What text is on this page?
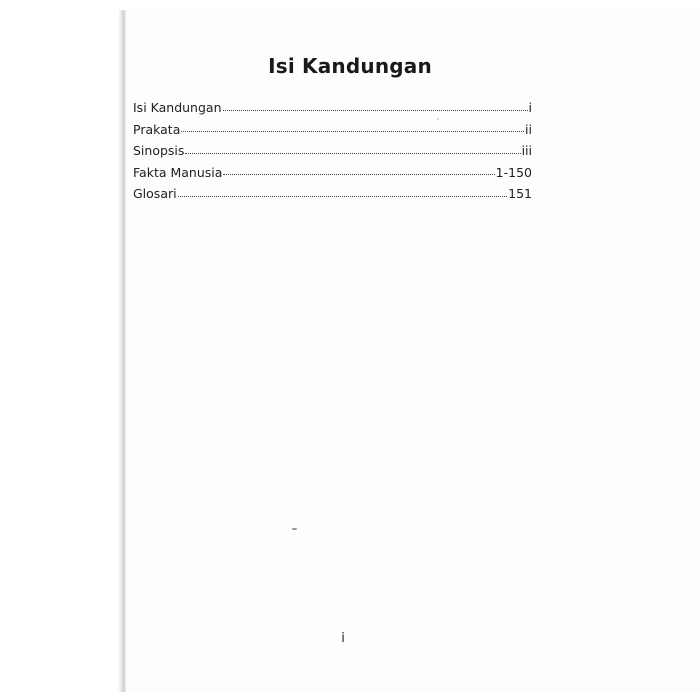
Isi Kandungan
Isi Kandungan	i
Prakata	ii
Sinopsis	iii
Fakta Manusia	1-150
Glosari	151
i
